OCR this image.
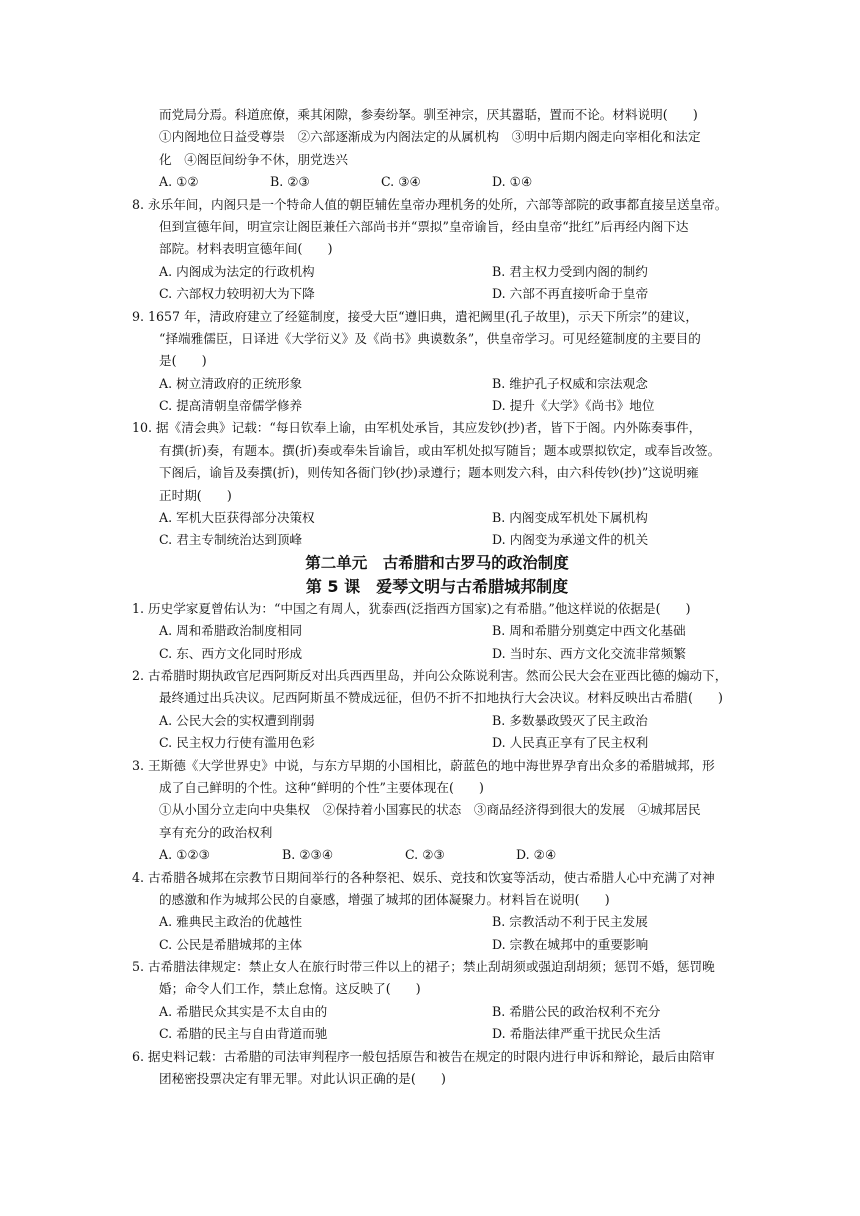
而党局分焉。科道庶僚，乘其闲隙，参奏纷拏。驯至神宗，厌其嚣聒，置而不论。材料说明(　　)
①内阁地位日益受尊崇　②六部逐渐成为内阁法定的从属机构　③明中后期内阁走向宰相化和法定
化　④阁臣间纷争不休，朋党迭兴
A. ①②	B. ②③	C. ③④	D. ①④
8. 永乐年间，内阁只是一个特命人值的朝臣辅佐皇帝办理机务的处所，六部等部院的政事都直接呈送皇帝。
但到宣德年间，明宣宗让阁臣兼任六部尚书并“票拟”皇帝谕旨，经由皇帝“批红”后再经内阁下达
部院。材料表明宣德年间(　　)
A. 内阁成为法定的行政机构	B. 君主权力受到内阁的制约
C. 六部权力较明初大为下降	D. 六部不再直接听命于皇帝
9. 1657 年，清政府建立了经筵制度，接受大臣“遵旧典，遣祀阙里(孔子故里)，示天下所宗”的建议，
“择端雅儒臣，日译进《大学衍义》及《尚书》典谟数条”，供皇帝学习。可见经筵制度的主要目的
是(　　)
A. 树立清政府的正统形象	B. 维护孔子权威和宗法观念
C. 提高清朝皇帝儒学修养	D. 提升《大学》《尚书》地位
10. 据《清会典》记载：“每日钦奉上谕，由军机处承旨，其应发钞(抄)者，皆下于阁。内外陈奏事件，
有撰(折)奏，有题本。撰(折)奏或奉朱旨谕旨，或由军机处拟写随旨；题本或票拟钦定，或奉旨改签。
下阁后，谕旨及奏撰(折)，则传知各衙门钞(抄)录遵行；题本则发六科，由六科传钞(抄)”这说明雍
正时期(　　)
A. 军机大臣获得部分决策权	B. 内阁变成军机处下属机构
C. 君主专制统治达到顶峰	D. 内阁变为承递文件的机关
第二单元　古希腊和古罗马的政治制度
第 5 课　爱琴文明与古希腊城邦制度
1. 历史学家夏曾佑认为：“中国之有周人，犹泰西(泛指西方国家)之有希腊。”他这样说的依据是(　　)
A. 周和希腊政治制度相同	B. 周和希腊分别奠定中西文化基础
C. 东、西方文化同时形成	D. 当时东、西方文化交流非常频繁
2. 古希腊时期执政官尼西阿斯反对出兵西西里岛，并向公众陈说利害。然而公民大会在亚西比德的煽动下，
最终通过出兵决议。尼西阿斯虽不赞成远征，但仍不折不扣地执行大会决议。材料反映出古希腊(　　)
A. 公民大会的实权遭到削弱	B. 多数暴政毁灭了民主政治
C. 民主权力行使有滥用色彩	D. 人民真正享有了民主权利
3. 王斯德《大学世界史》中说，与东方早期的小国相比，蔚蓝色的地中海世界孕育出众多的希腊城邦，形
成了自己鲜明的个性。这种“鲜明的个性”主要体现在(　　)
①从小国分立走向中央集权　②保持着小国寡民的状态　③商品经济得到很大的发展　④城邦居民
享有充分的政治权利
A. ①②③	B. ②③④	C. ②③	D. ②④
4. 古希腊各城邦在宗教节日期间举行的各种祭祀、娱乐、竞技和饮宴等活动，使古希腊人心中充满了对神
的感激和作为城邦公民的自豪感，增强了城邦的团体凝聚力。材料旨在说明(　　)
A. 雅典民主政治的优越性	B. 宗教活动不利于民主发展
C. 公民是希腊城邦的主体	D. 宗教在城邦中的重要影响
5. 古希腊法律规定：禁止女人在旅行时带三件以上的裙子；禁止刮胡须或强迫刮胡须；惩罚不婚，惩罚晚
婚；命令人们工作，禁止怠惰。这反映了(　　)
A. 希腊民众其实是不太自由的	B. 希腊公民的政治权利不充分
C. 希腊的民主与自由背道而驰	D. 希脂法律严重干扰民众生活
6. 据史料记载：古希腊的司法审判程序一般包括原告和被告在规定的时限内进行申诉和辩论，最后由陪审
团秘密投票决定有罪无罪。对此认识正确的是(　　)
